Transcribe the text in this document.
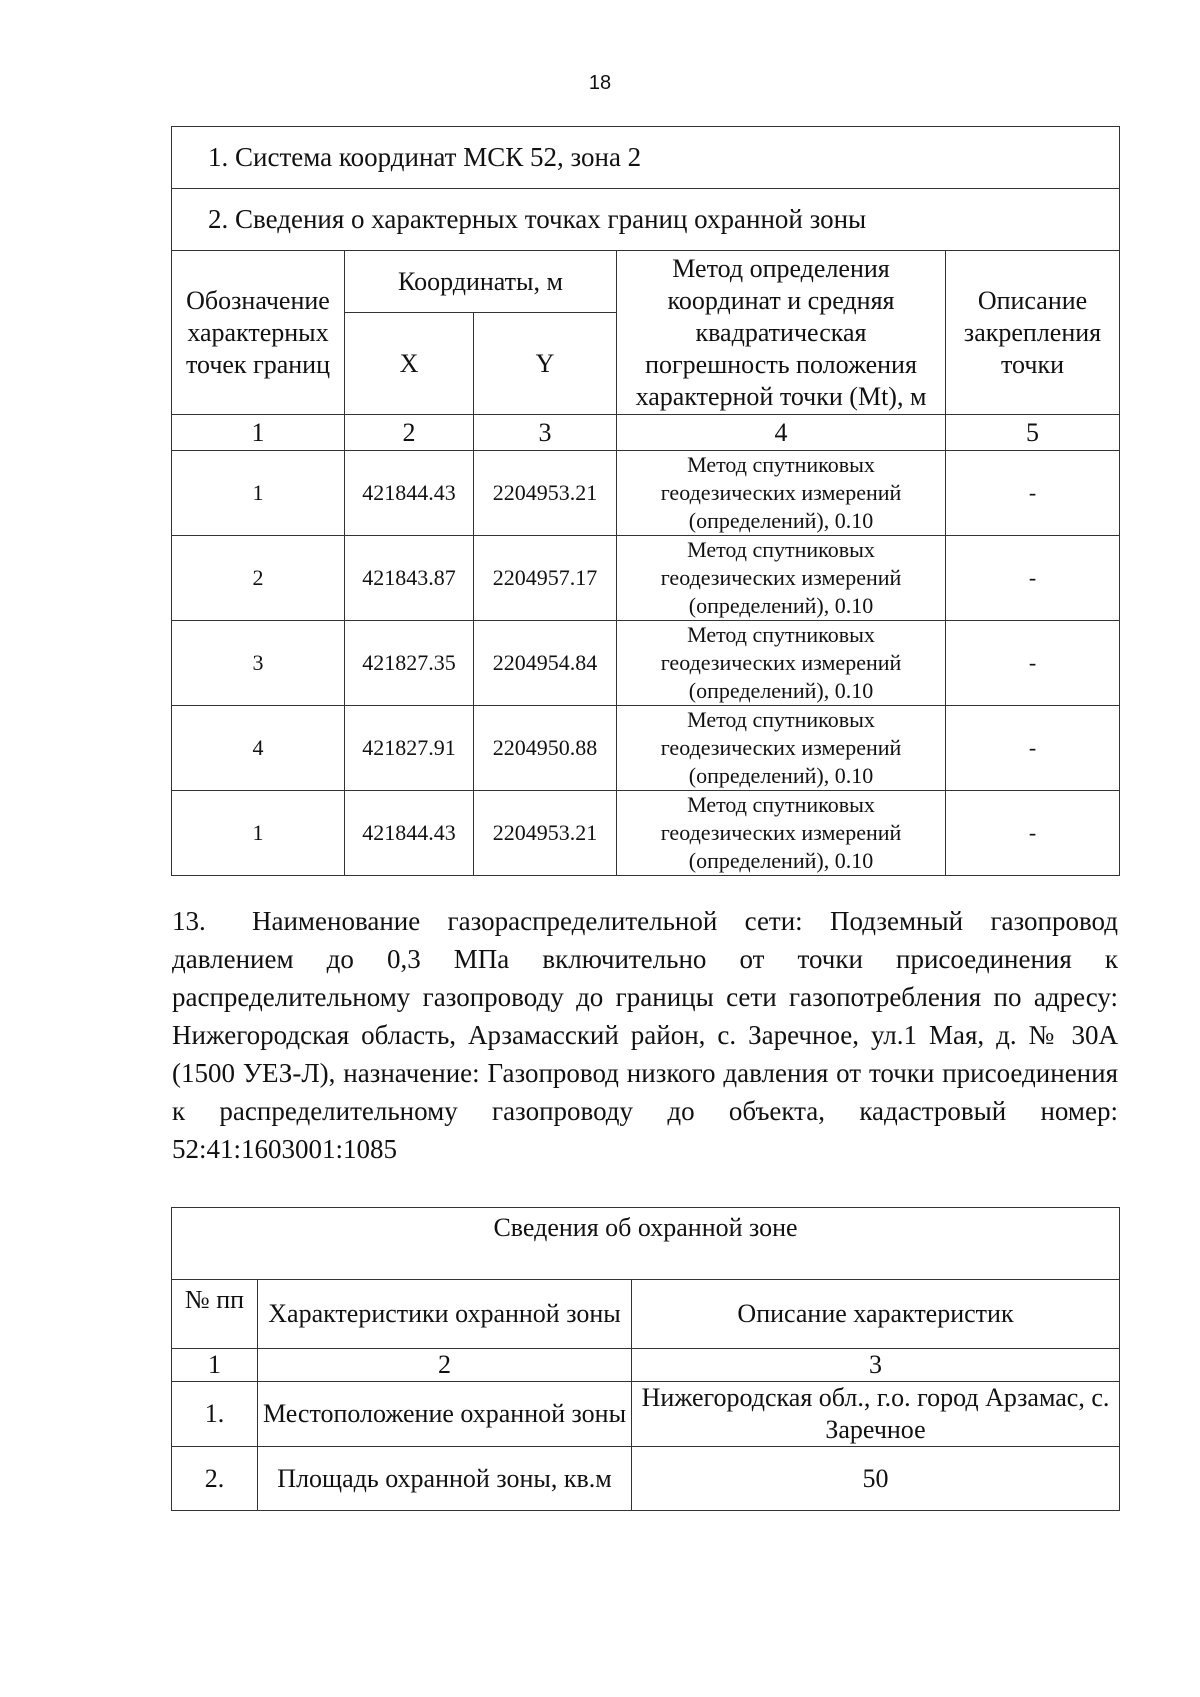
18
1. Система координат МСК 52, зона 2				
2. Сведения о характерных точках границ охранной зоны				
Обозначение характерных точек границ	Координаты, м		Метод определения координат и средняя квадратическая погрешность положения характерной точки (Mt), м	Описание закрепления точки
	X	Y		
1	2	3	4	5
1	421844.43	2204953.21	Метод спутниковых геодезических измерений (определений), 0.10	-
2	421843.87	2204957.17	Метод спутниковых геодезических измерений (определений), 0.10	-
3	421827.35	2204954.84	Метод спутниковых геодезических измерений (определений), 0.10	-
4	421827.91	2204950.88	Метод спутниковых геодезических измерений (определений), 0.10	-
1	421844.43	2204953.21	Метод спутниковых геодезических измерений (определений), 0.10	-
13. Наименование газораспределительной сети: Подземный газопровод давлением до 0,3 МПа включительно от точки присоединения к распределительному газопроводу до границы сети газопотребления по адресу: Нижегородская область, Арзамасский район, с. Заречное, ул.1 Мая, д. № 30А (1500 УЕЗ-Л), назначение: Газопровод низкого давления от точки присоединения к распределительному газопроводу до объекта, кадастровый номер: 52:41:1603001:1085
Сведения об охранной зоне		
№ пп	Характеристики охранной зоны	Описание характеристик
1	2	3
1.	Местоположение охранной зоны	Нижегородская обл., г.о. город Арзамас, с. Заречное
2.	Площадь охранной зоны, кв.м	50
